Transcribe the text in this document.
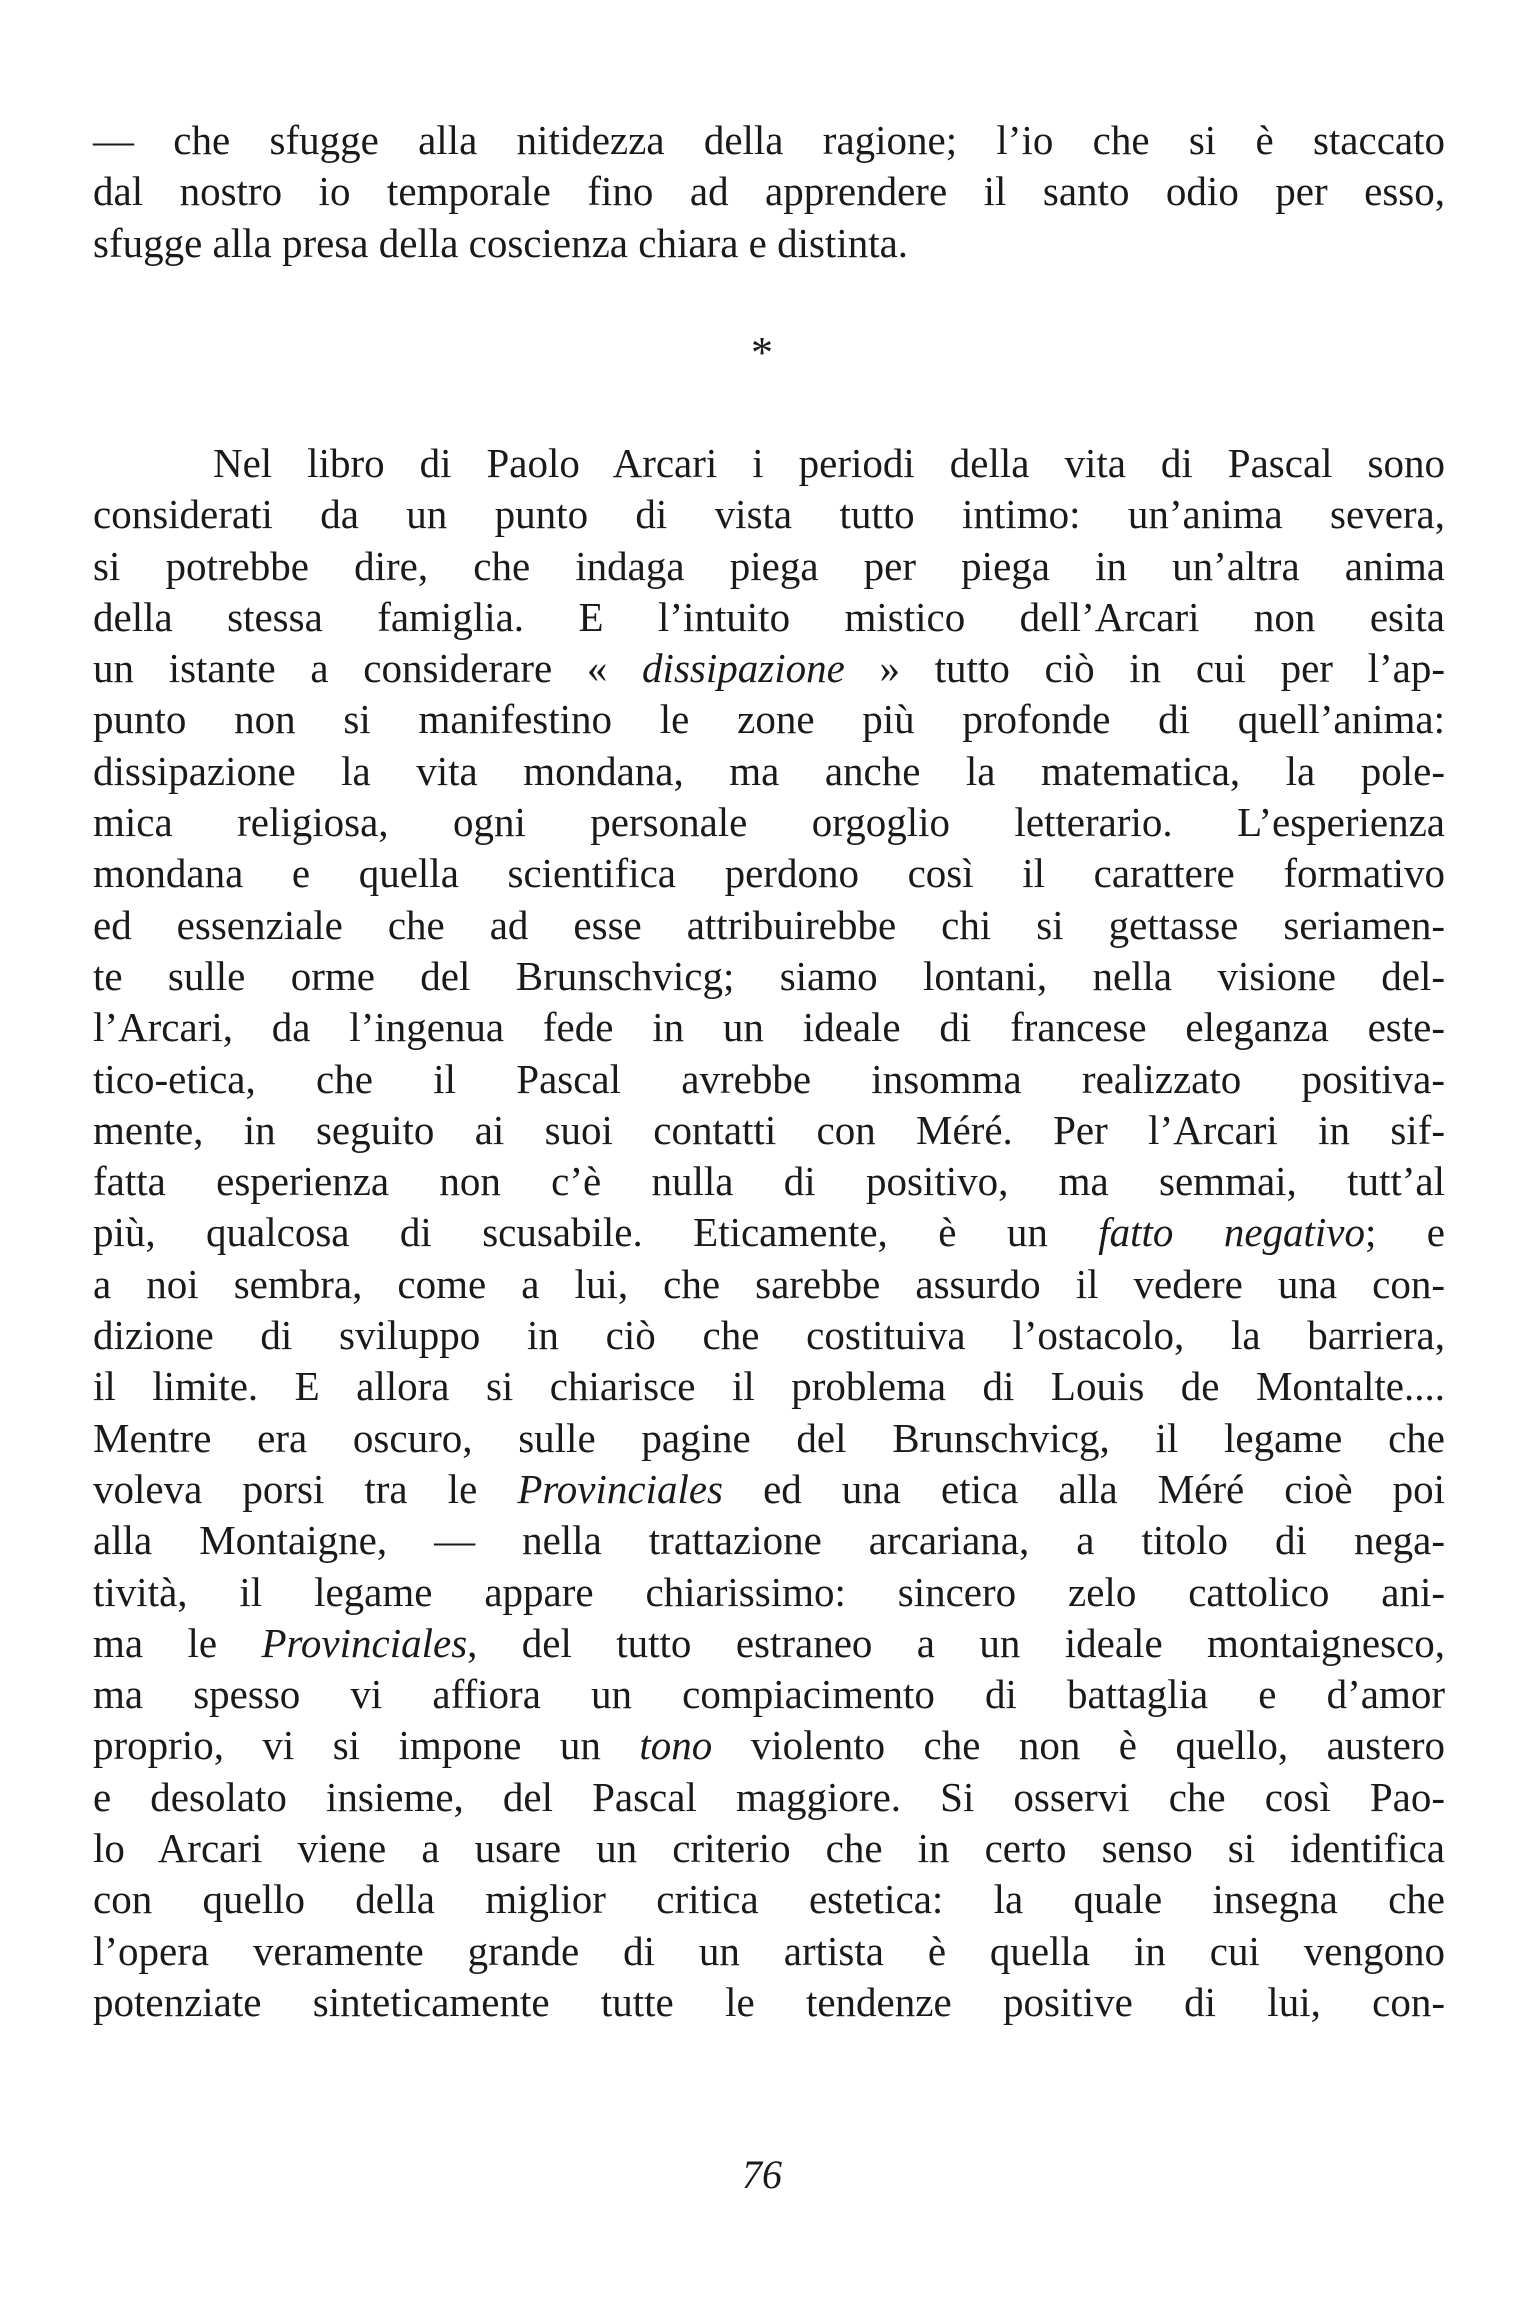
— che sfugge alla nitidezza della ragione; l’io che si è staccato
dal nostro io temporale fino ad apprendere il santo odio per esso,
sfugge alla presa della coscienza chiara e distinta.
*
Nel libro di Paolo Arcari i periodi della vita di Pascal sono
considerati da un punto di vista tutto intimo: un’anima severa,
si potrebbe dire, che indaga piega per piega in un’altra anima
della stessa famiglia. E l’intuito mistico dell’Arcari non esita
un istante a considerare « dissipazione » tutto ciò in cui per l’ap-
punto non si manifestino le zone più profonde di quell’anima:
dissipazione la vita mondana, ma anche la matematica, la pole-
mica religiosa, ogni personale orgoglio letterario. L’esperienza
mondana e quella scientifica perdono così il carattere formativo
ed essenziale che ad esse attribuirebbe chi si gettasse seriamen-
te sulle orme del Brunschvicg; siamo lontani, nella visione del-
l’Arcari, da l’ingenua fede in un ideale di francese eleganza este-
tico-etica, che il Pascal avrebbe insomma realizzato positiva-
mente, in seguito ai suoi contatti con Méré. Per l’Arcari in sif-
fatta esperienza non c’è nulla di positivo, ma semmai, tutt’al
più, qualcosa di scusabile. Eticamente, è un fatto negativo; e
a noi sembra, come a lui, che sarebbe assurdo il vedere una con-
dizione di sviluppo in ciò che costituiva l’ostacolo, la barriera,
il limite. E allora si chiarisce il problema di Louis de Montalte....
Mentre era oscuro, sulle pagine del Brunschvicg, il legame che
voleva porsi tra le Provinciales ed una etica alla Méré cioè poi
alla Montaigne, — nella trattazione arcariana, a titolo di nega-
tività, il legame appare chiarissimo: sincero zelo cattolico ani-
ma le Provinciales, del tutto estraneo a un ideale montaignesco,
ma spesso vi affiora un compiacimento di battaglia e d’amor
proprio, vi si impone un tono violento che non è quello, austero
e desolato insieme, del Pascal maggiore. Si osservi che così Pao-
lo Arcari viene a usare un criterio che in certo senso si identifica
con quello della miglior critica estetica: la quale insegna che
l’opera veramente grande di un artista è quella in cui vengono
potenziate sinteticamente tutte le tendenze positive di lui, con-
76
